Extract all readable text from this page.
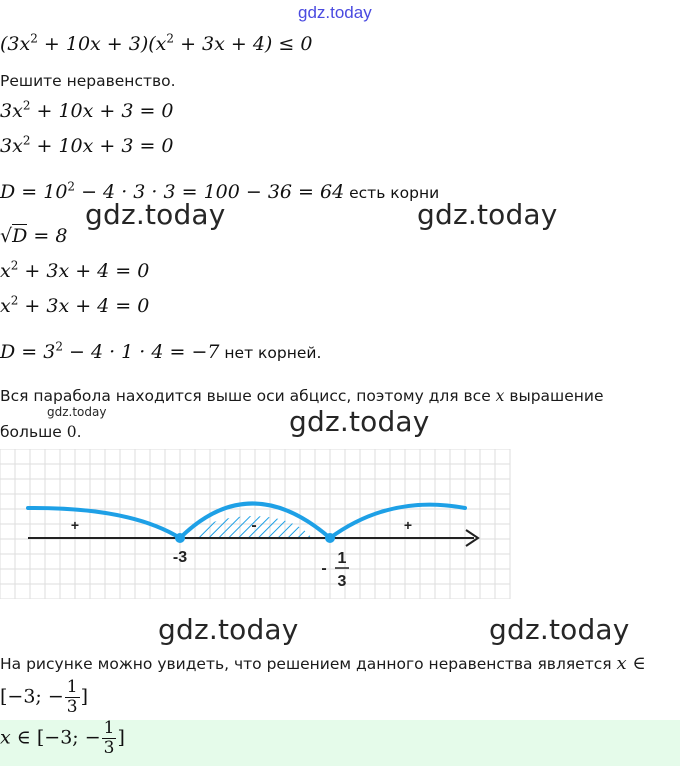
gdz.today
gdz.today	gdz.today
gdz.today
gdz.today
gdz.today	gdz.today
$(3x^2 + 10x + 3)(x^2 + 3x + 4) \le 0$
Решите неравенство.
$3x^2 + 10x + 3 = 0$
$3x^2 + 10x + 3 = 0$
$D = 10^2 - 4 \cdot 3 \cdot 3 = 100 - 36 = 64$ есть корни
√D = 8
$x^2 + 3x + 4 = 0$
$x^2 + 3x + 4 = 0$
$D = 3^2 - 4 \cdot 1 \cdot 4 = -7$ нет корней.
Вся парабола находится выше оси абцисс, поэтому для все x вырашение
больше 0.
+	-	+
-3
-
1
3
На рисунке можно увидеть, что решением данного неравенства является x ∈
[−3; − $\frac{1}{3}$ ]
x ∈ [−3; − $\frac{1}{3}$ ]
